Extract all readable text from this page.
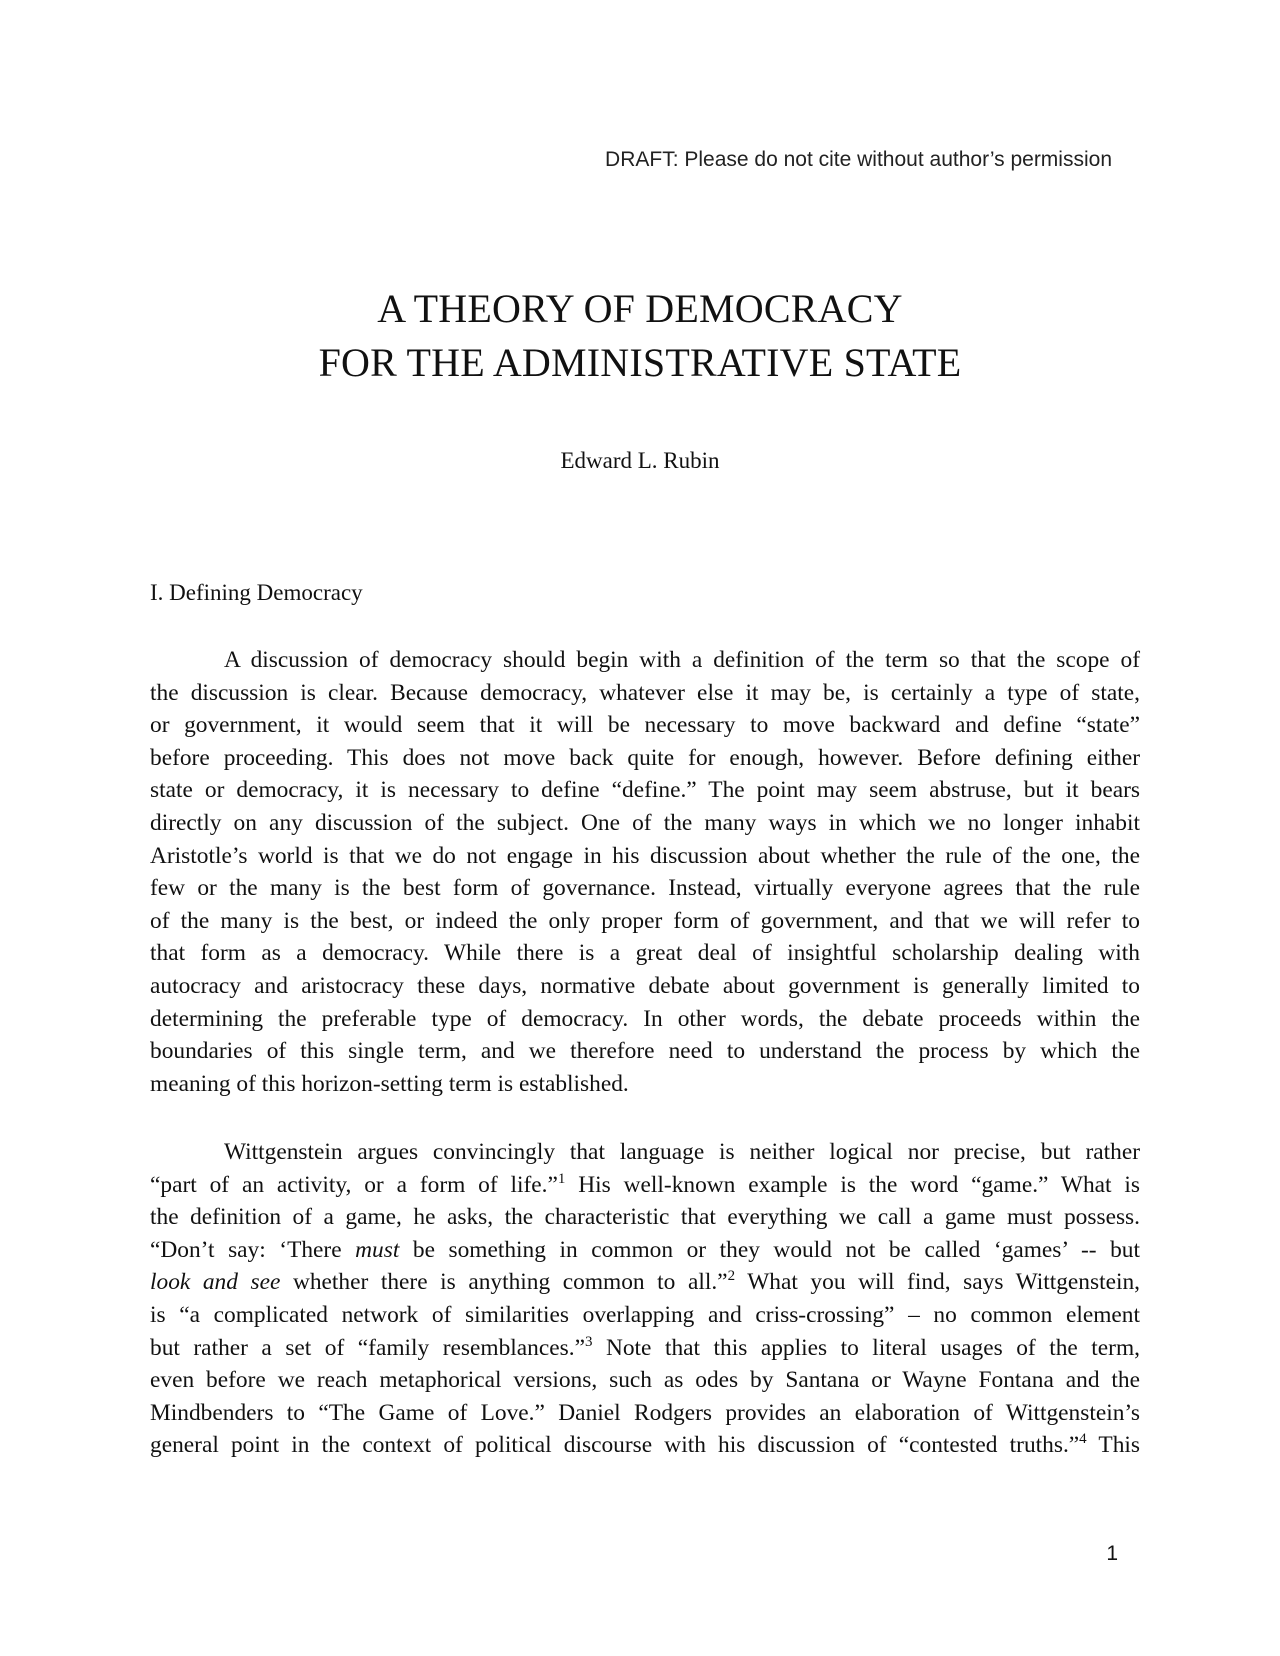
DRAFT: Please do not cite without author’s permission
A THEORY OF DEMOCRACY
FOR THE ADMINISTRATIVE STATE
Edward L. Rubin
I. Defining Democracy
A discussion of democracy should begin with a definition of the term so that the scope of
the discussion is clear. Because democracy, whatever else it may be, is certainly a type of state,
or government, it would seem that it will be necessary to move backward and define “state”
before proceeding. This does not move back quite for enough, however. Before defining either
state or democracy, it is necessary to define “define.” The point may seem abstruse, but it bears
directly on any discussion of the subject. One of the many ways in which we no longer inhabit
Aristotle’s world is that we do not engage in his discussion about whether the rule of the one, the
few or the many is the best form of governance. Instead, virtually everyone agrees that the rule
of the many is the best, or indeed the only proper form of government, and that we will refer to
that form as a democracy. While there is a great deal of insightful scholarship dealing with
autocracy and aristocracy these days, normative debate about government is generally limited to
determining the preferable type of democracy. In other words, the debate proceeds within the
boundaries of this single term, and we therefore need to understand the process by which the
meaning of this horizon-setting term is established.
Wittgenstein argues convincingly that language is neither logical nor precise, but rather
“part of an activity, or a form of life.”$^1$ His well-known example is the word “game.” What is
the definition of a game, he asks, the characteristic that everything we call a game must possess.
“Don’t say: ‘There must be something in common or they would not be called ‘games’ -- but
look and see whether there is anything common to all.”$^2$ What you will find, says Wittgenstein,
is “a complicated network of similarities overlapping and criss-crossing” – no common element
but rather a set of “family resemblances.”$^3$ Note that this applies to literal usages of the term,
even before we reach metaphorical versions, such as odes by Santana or Wayne Fontana and the
Mindbenders to “The Game of Love.” Daniel Rodgers provides an elaboration of Wittgenstein’s
general point in the context of political discourse with his discussion of “contested truths.”$^4$ This
1
